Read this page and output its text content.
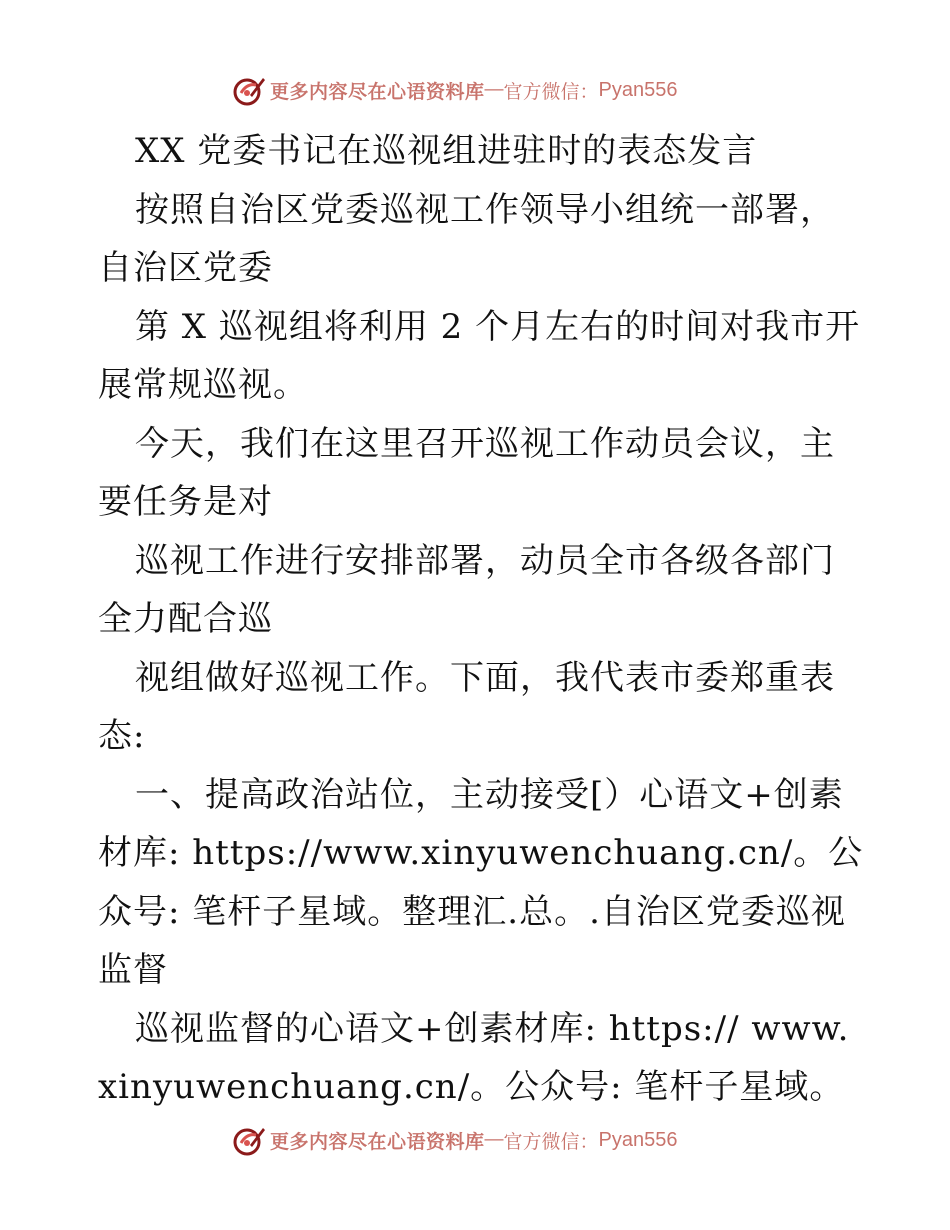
更多内容尽在心语资料库 — 官方微信： Pyan556

XX 党委书记在巡视组进驻时的表态发言

按照自治区党委巡视工作领导小组统一部署，自治区党委

第 X 巡视组将利用 2 个月左右的时间对我市开展常规巡视。

今天，我们在这里召开巡视工作动员会议，主要任务是对

巡视工作进行安排部署，动员全市各级各部门全力配合巡

视组做好巡视工作。下面，我代表市委郑重表态:

一、提高政治站位，主动接受[）心语文+创素材库: https://www.xinyuwenchuang.cn/。公众号: 笔杆子星域。整理汇.总。.自治区党委巡视监督

巡视监督的心语文+创素材库: https:// www.xinyuwenchuang.cn/。公众号: 笔杆子星域。

更多内容尽在心语资料库 — 官方微信： Pyan556
